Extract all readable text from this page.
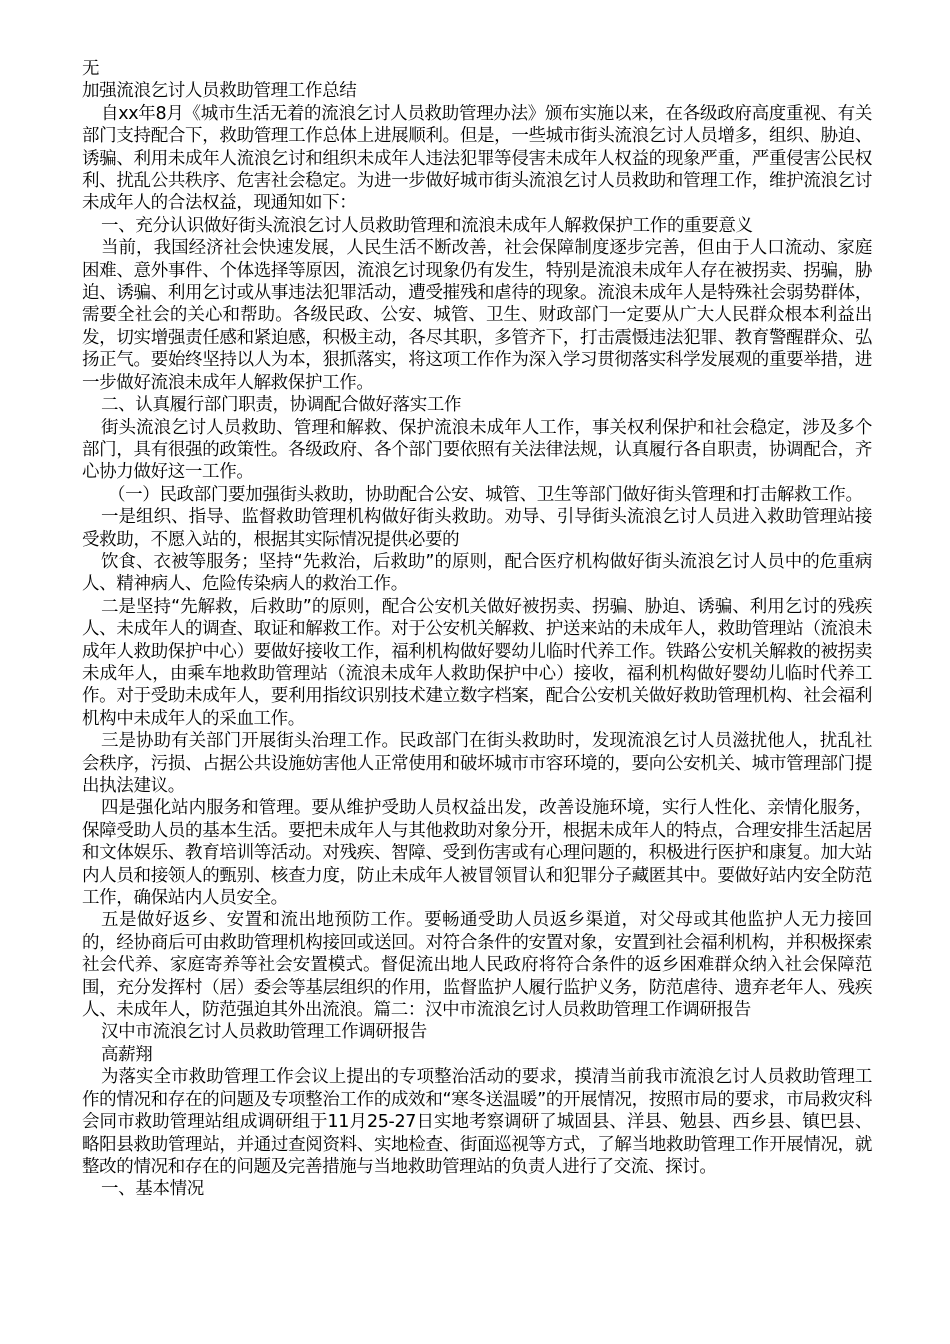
无

加强流浪乞讨人员救助管理工作总结

自xx年8月《城市生活无着的流浪乞讨人员救助管理办法》颁布实施以来，在各级政府高度重视、有关部门支持配合下，救助管理工作总体上进展顺利。但是，一些城市街头流浪乞讨人员增多，组织、胁迫、诱骗、利用未成年人流浪乞讨和组织未成年人违法犯罪等侵害未成年人权益的现象严重，严重侵害公民权利、扰乱公共秩序、危害社会稳定。为进一步做好城市街头流浪乞讨人员救助和管理工作，维护流浪乞讨未成年人的合法权益，现通知如下：

一、充分认识做好街头流浪乞讨人员救助管理和流浪未成年人解救保护工作的重要意义

当前，我国经济社会快速发展，人民生活不断改善，社会保障制度逐步完善，但由于人口流动、家庭困难、意外事件、个体选择等原因，流浪乞讨现象仍有发生，特别是流浪未成年人存在被拐卖、拐骗，胁迫、诱骗、利用乞讨或从事违法犯罪活动，遭受摧残和虐待的现象。流浪未成年人是特殊社会弱势群体，需要全社会的关心和帮助。各级民政、公安、城管、卫生、财政部门一定要从广大人民群众根本利益出发，切实增强责任感和紧迫感，积极主动，各尽其职，多管齐下，打击震慑违法犯罪、教育警醒群众、弘扬正气。要始终坚持以人为本，狠抓落实，将这项工作作为深入学习贯彻落实科学发展观的重要举措，进一步做好流浪未成年人解救保护工作。

二、认真履行部门职责，协调配合做好落实工作

街头流浪乞讨人员救助、管理和解救、保护流浪未成年人工作，事关权利保护和社会稳定，涉及多个部门，具有很强的政策性。各级政府、各个部门要依照有关法律法规，认真履行各自职责，协调配合，齐心协力做好这一工作。

（一）民政部门要加强街头救助，协助配合公安、城管、卫生等部门做好街头管理和打击解救工作。

一是组织、指导、监督救助管理机构做好街头救助。劝导、引导街头流浪乞讨人员进入救助管理站接受救助，不愿入站的，根据其实际情况提供必要的

饮食、衣被等服务；坚持“先救治，后救助”的原则，配合医疗机构做好街头流浪乞讨人员中的危重病人、精神病人、危险传染病人的救治工作。

二是坚持“先解救，后救助”的原则，配合公安机关做好被拐卖、拐骗、胁迫、诱骗、利用乞讨的残疾人、未成年人的调查、取证和解救工作。对于公安机关解救、护送来站的未成年人，救助管理站（流浪未成年人救助保护中心）要做好接收工作，福利机构做好婴幼儿临时代养工作。铁路公安机关解救的被拐卖未成年人，由乘车地救助管理站（流浪未成年人救助保护中心）接收，福利机构做好婴幼儿临时代养工作。对于受助未成年人，要利用指纹识别技术建立数字档案，配合公安机关做好救助管理机构、社会福利机构中未成年人的采血工作。

三是协助有关部门开展街头治理工作。民政部门在街头救助时，发现流浪乞讨人员滋扰他人，扰乱社会秩序，污损、占据公共设施妨害他人正常使用和破坏城市市容环境的，要向公安机关、城市管理部门提出执法建议。

四是强化站内服务和管理。要从维护受助人员权益出发，改善设施环境，实行人性化、亲情化服务，保障受助人员的基本生活。要把未成年人与其他救助对象分开，根据未成年人的特点，合理安排生活起居和文体娱乐、教育培训等活动。对残疾、智障、受到伤害或有心理问题的，积极进行医护和康复。加大站内人员和接领人的甄别、核查力度，防止未成年人被冒领冒认和犯罪分子藏匿其中。要做好站内安全防范工作，确保站内人员安全。

五是做好返乡、安置和流出地预防工作。要畅通受助人员返乡渠道，对父母或其他监护人无力接回的，经协商后可由救助管理机构接回或送回。对符合条件的安置对象，安置到社会福利机构，并积极探索社会代养、家庭寄养等社会安置模式。督促流出地人民政府将符合条件的返乡困难群众纳入社会保障范围，充分发挥村（居）委会等基层组织的作用，监督监护人履行监护义务，防范虐待、遗弃老年人、残疾人、未成年人，防范强迫其外出流浪。篇二：汉中市流浪乞讨人员救助管理工作调研报告

汉中市流浪乞讨人员救助管理工作调研报告

高薪翔

为落实全市救助管理工作会议上提出的专项整治活动的要求，摸清当前我市流浪乞讨人员救助管理工作的情况和存在的问题及专项整治工作的成效和“寒冬送温暖”的开展情况，按照市局的要求，市局救灾科会同市救助管理站组成调研组于11月25-27日实地考察调研了城固县、洋县、勉县、西乡县、镇巴县、略阳县救助管理站，并通过查阅资料、实地检查、街面巡视等方式，了解当地救助管理工作开展情况，就整改的情况和存在的问题及完善措施与当地救助管理站的负责人进行了交流、探讨。

一、基本情况
